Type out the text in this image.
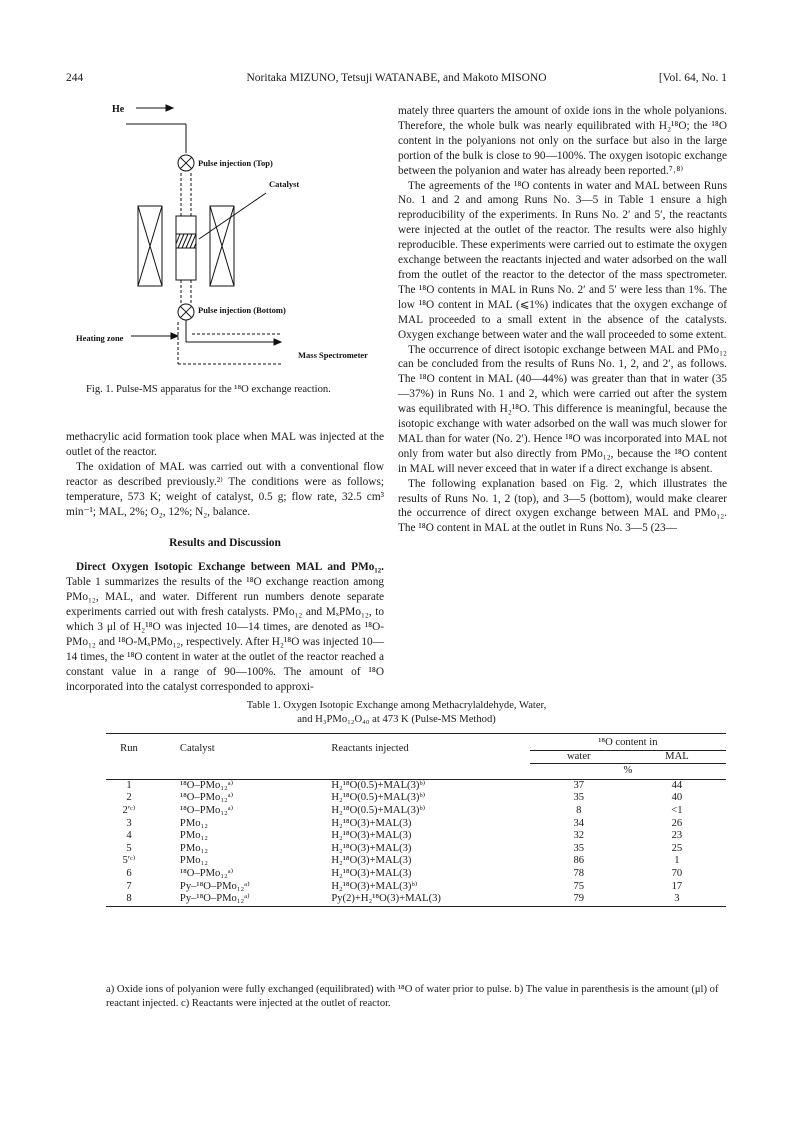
244	Noritaka MIZUNO, Tetsuji WATANABE, and Makoto MISONO	[Vol. 64, No. 1
He
Pulse injection (Top)
Catalyst
Pulse injection (Bottom)
Heating zone
Mass Spectrometer
Fig. 1. Pulse-MS apparatus for the ¹⁸O exchange reaction.

methacrylic acid formation took place when MAL was injected at the outlet of the reactor.

The oxidation of MAL was carried out with a conventional flow reactor as described previously.²⁾ The conditions were as follows; temperature, 573 K; weight of catalyst, 0.5 g; flow rate, 32.5 cm³ min⁻¹; MAL, 2%; O₂, 12%; N₂, balance.

Results and Discussion

Direct Oxygen Isotopic Exchange between MAL and PMo₁₂. Table 1 summarizes the results of the ¹⁸O exchange reaction among PMo₁₂, MAL, and water. Different run numbers denote separate experiments carried out with fresh catalysts. PMo₁₂ and MₓPMo₁₂, to which 3 μl of H₂¹⁸O was injected 10—14 times, are denoted as ¹⁸O-PMo₁₂ and ¹⁸O-MₓPMo₁₂, respectively. After H₂¹⁸O was injected 10—14 times, the ¹⁸O content in water at the outlet of the reactor reached a constant value in a range of 90—100%. The amount of ¹⁸O incorporated into the catalyst corresponded to approxi-

mately three quarters the amount of oxide ions in the whole polyanions. Therefore, the whole bulk was nearly equilibrated with H₂¹⁸O; the ¹⁸O content in the polyanions not only on the surface but also in the large portion of the bulk is close to 90—100%. The oxygen isotopic exchange between the polyanion and water has already been reported.⁷˒⁸⁾

The agreements of the ¹⁸O contents in water and MAL between Runs No. 1 and 2 and among Runs No. 3—5 in Table 1 ensure a high reproducibility of the experiments. In Runs No. 2′ and 5′, the reactants were injected at the outlet of the reactor. The results were also highly reproducible. These experiments were carried out to estimate the oxygen exchange between the reactants injected and water adsorbed on the wall from the outlet of the reactor to the detector of the mass spectrometer. The ¹⁸O contents in MAL in Runs No. 2′ and 5′ were less than 1%. The low ¹⁸O content in MAL (⩽1%) indicates that the oxygen exchange of MAL proceeded to a small extent in the absence of the catalysts. Oxygen exchange between water and the wall proceeded to some extent.

The occurrence of direct isotopic exchange between MAL and PMo₁₂ can be concluded from the results of Runs No. 1, 2, and 2′, as follows. The ¹⁸O content in MAL (40—44%) was greater than that in water (35—37%) in Runs No. 1 and 2, which were carried out after the system was equilibrated with H₂¹⁸O. This difference is meaningful, because the isotopic exchange with water adsorbed on the wall was much slower for MAL than for water (No. 2′). Hence ¹⁸O was incorporated into MAL not only from water but also directly from PMo₁₂, because the ¹⁸O content in MAL will never exceed that in water if a direct exchange is absent.

The following explanation based on Fig. 2, which illustrates the results of Runs No. 1, 2 (top), and 3—5 (bottom), would make clearer the occurrence of direct oxygen exchange between MAL and PMo₁₂. The ¹⁸O content in MAL at the outlet in Runs No. 3—5 (23—

Table 1. Oxygen Isotopic Exchange among Methacrylaldehyde, Water,
and H₃PMo₁₂O₄₀ at 473 K (Pulse-MS Method)
Run	Catalyst	Reactants injected	¹⁸O content in	
			water	MAL
			%	
1	¹⁸O–PMo₁₂ᵃ⁾	H₂¹⁸O(0.5)+MAL(3)ᵇ⁾	37	44
2	¹⁸O–PMo₁₂ᵃ⁾	H₂¹⁸O(0.5)+MAL(3)ᵇ⁾	35	40
2′ᶜ⁾	¹⁸O–PMo₁₂ᵃ⁾	H₂¹⁸O(0.5)+MAL(3)ᵇ⁾	8	<1
3	PMo₁₂	H₂¹⁸O(3)+MAL(3)	34	26
4	PMo₁₂	H₂¹⁸O(3)+MAL(3)	32	23
5	PMo₁₂	H₂¹⁸O(3)+MAL(3)	35	25
5′ᶜ⁾	PMo₁₂	H₂¹⁸O(3)+MAL(3)	86	1
6	¹⁸O–PMo₁₂ᵃ⁾	H₂¹⁸O(3)+MAL(3)	78	70
7	Py–¹⁸O–PMo₁₂ᵃ⁾	H₂¹⁸O(3)+MAL(3)ᵇ⁾	75	17
8	Py–¹⁸O–PMo₁₂ᵃ⁾	Py(2)+H₂¹⁸O(3)+MAL(3)	79	3
a) Oxide ions of polyanion were fully exchanged (equilibrated) with ¹⁸O of water prior to pulse. b) The value in parenthesis is the amount (μl) of reactant injected. c) Reactants were injected at the outlet of reactor.
